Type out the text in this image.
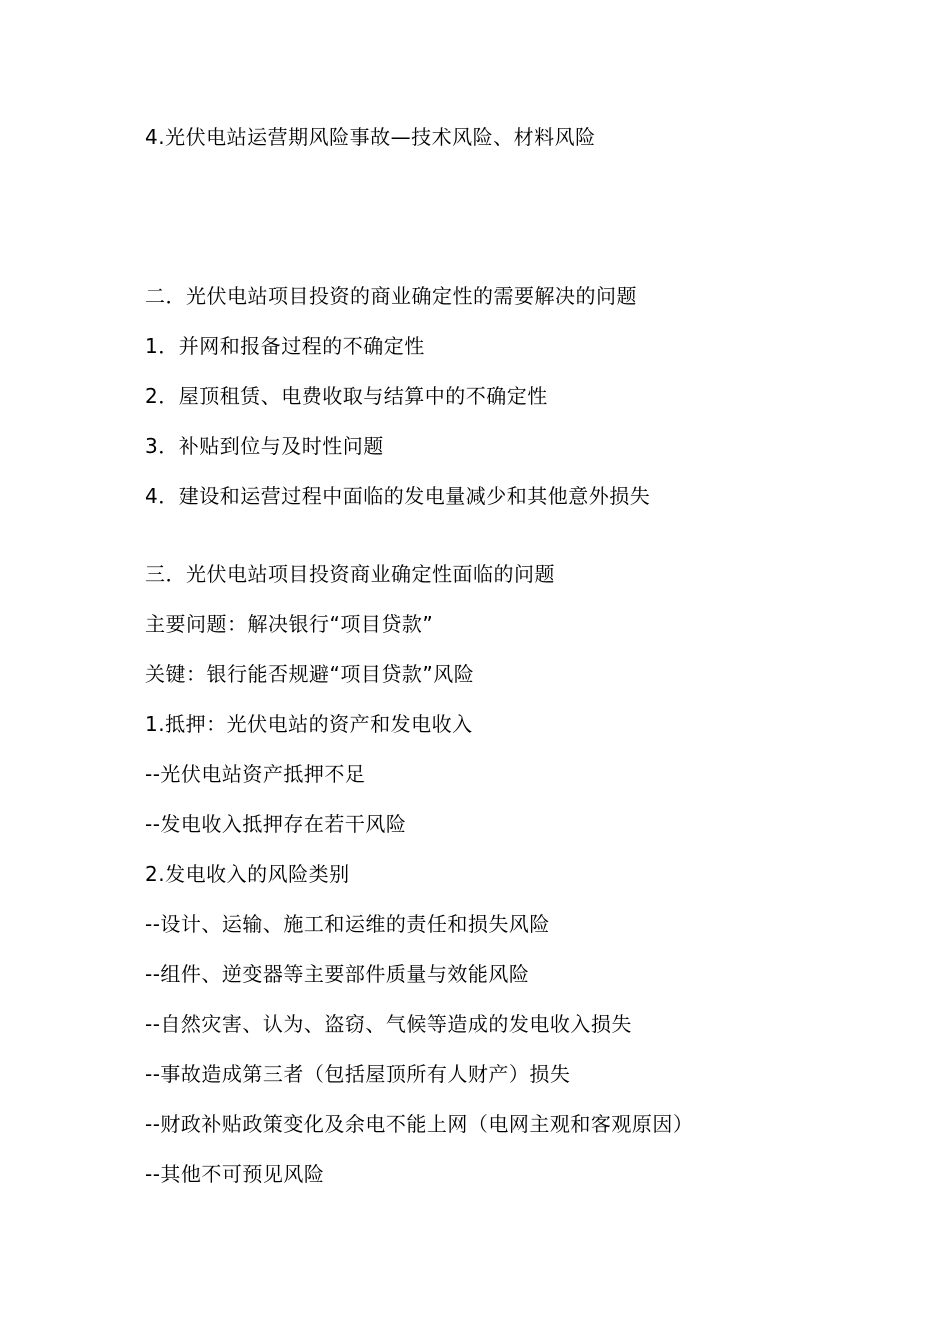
4.光伏电站运营期风险事故—技术风险、材料风险
二．光伏电站项目投资的商业确定性的需要解决的问题
1．并网和报备过程的不确定性
2．屋顶租赁、电费收取与结算中的不确定性
3．补贴到位与及时性问题
4．建设和运营过程中面临的发电量减少和其他意外损失
三．光伏电站项目投资商业确定性面临的问题
主要问题：解决银行“项目贷款”
关键：银行能否规避“项目贷款”风险
1.抵押：光伏电站的资产和发电收入
--光伏电站资产抵押不足
--发电收入抵押存在若干风险
2.发电收入的风险类别
--设计、运输、施工和运维的责任和损失风险
--组件、逆变器等主要部件质量与效能风险
--自然灾害、认为、盗窃、气候等造成的发电收入损失
--事故造成第三者（包括屋顶所有人财产）损失
--财政补贴政策变化及余电不能上网（电网主观和客观原因）
--其他不可预见风险
